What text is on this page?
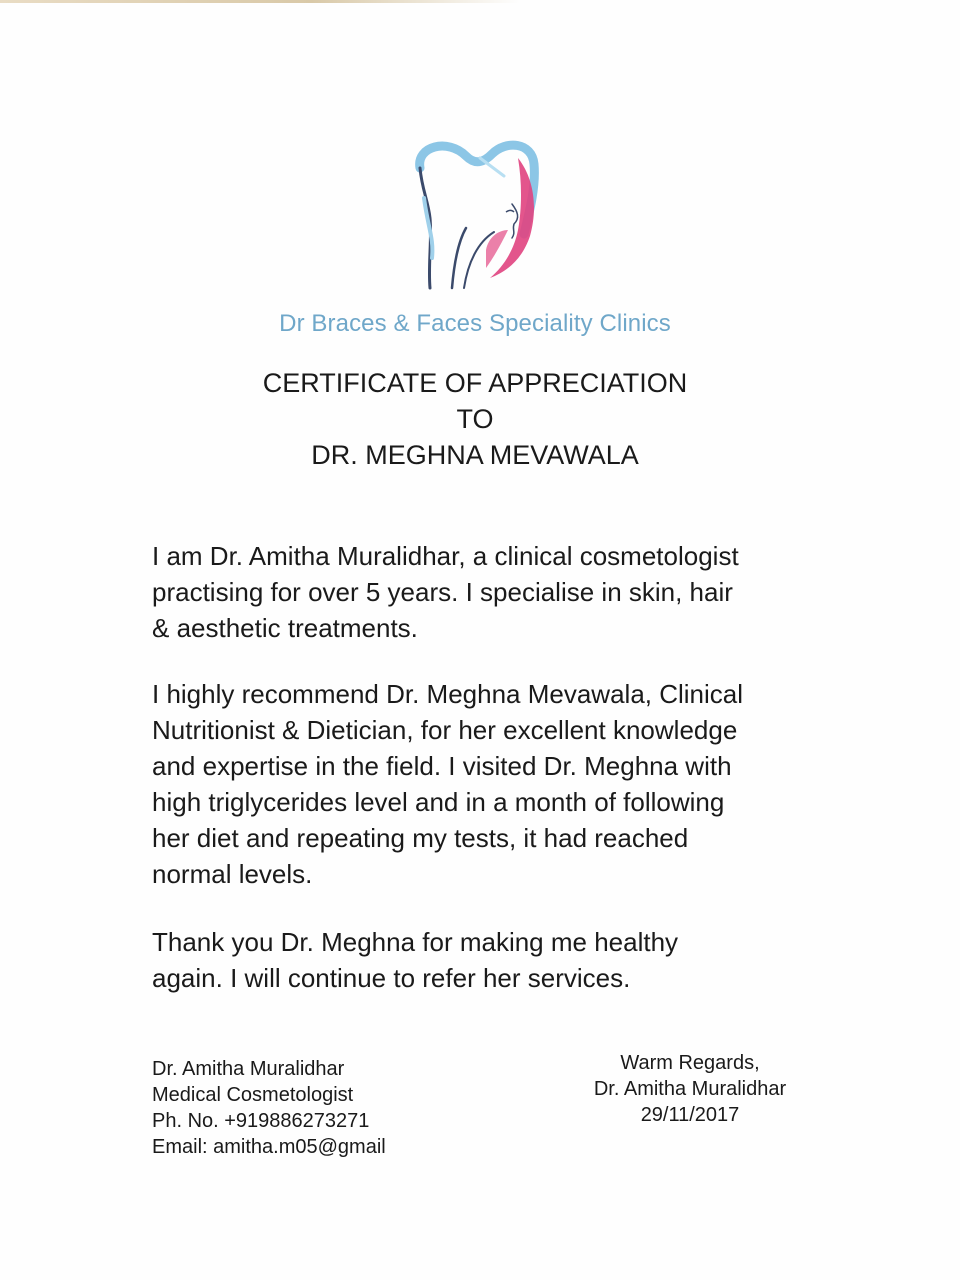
Dr Braces & Faces Speciality Clinics
CERTIFICATE OF APPRECIATION
TO
DR. MEGHNA MEVAWALA
I am Dr. Amitha Muralidhar, a clinical cosmetologist
practising for over 5 years. I specialise in skin, hair
& aesthetic treatments.
I highly recommend Dr. Meghna Mevawala, Clinical
Nutritionist & Dietician, for her excellent knowledge
and expertise in the field. I visited Dr. Meghna with
high triglycerides level and in a month of following
her diet and repeating my tests, it had reached
normal levels.
Thank you Dr. Meghna for making me healthy
again. I will continue to refer her services.
Dr. Amitha Muralidhar
Medical Cosmetologist
Ph. No. +919886273271
Email: amitha.m05@gmail
Warm Regards,
Dr. Amitha Muralidhar
29/11/2017
